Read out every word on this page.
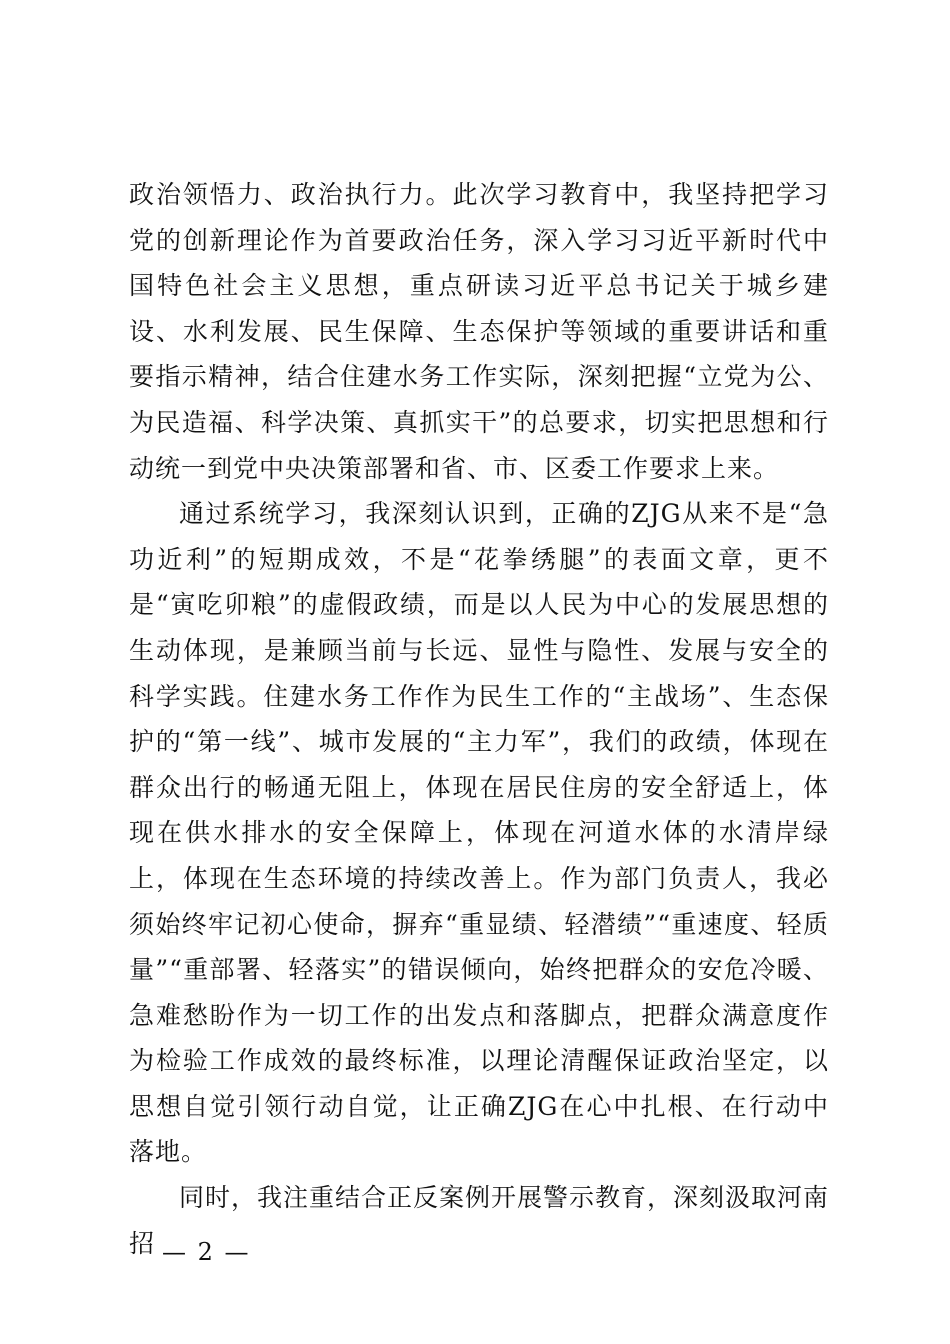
政治领悟力、政治执行力。此次学习教育中，我坚持把学习党的创新理论作为首要政治任务，深入学习习近平新时代中国特色社会主义思想，重点研读习近平总书记关于城乡建设、水利发展、民生保障、生态保护等领域的重要讲话和重要指示精神，结合住建水务工作实际，深刻把握“立党为公、为民造福、科学决策、真抓实干”的总要求，切实把思想和行动统一到党中央决策部署和省、市、区委工作要求上来。

通过系统学习，我深刻认识到，正确的ZJG从来不是“急功近利”的短期成效，不是“花拳绣腿”的表面文章，更不是“寅吃卯粮”的虚假政绩，而是以人民为中心的发展思想的生动体现，是兼顾当前与长远、显性与隐性、发展与安全的科学实践。住建水务工作作为民生工作的“主战场”、生态保护的“第一线”、城市发展的“主力军”，我们的政绩，体现在群众出行的畅通无阻上，体现在居民住房的安全舒适上，体现在供水排水的安全保障上，体现在河道水体的水清岸绿上，体现在生态环境的持续改善上。作为部门负责人，我必须始终牢记初心使命，摒弃“重显绩、轻潜绩”“重速度、轻质量”“重部署、轻落实”的错误倾向，始终把群众的安危冷暖、急难愁盼作为一切工作的出发点和落脚点，把群众满意度作为检验工作成效的最终标准，以理论清醒保证政治坚定，以思想自觉引领行动自觉，让正确ZJG在心中扎根、在行动中落地。

同时，我注重结合正反案例开展警示教育，深刻汲取河南招 — 2 —
